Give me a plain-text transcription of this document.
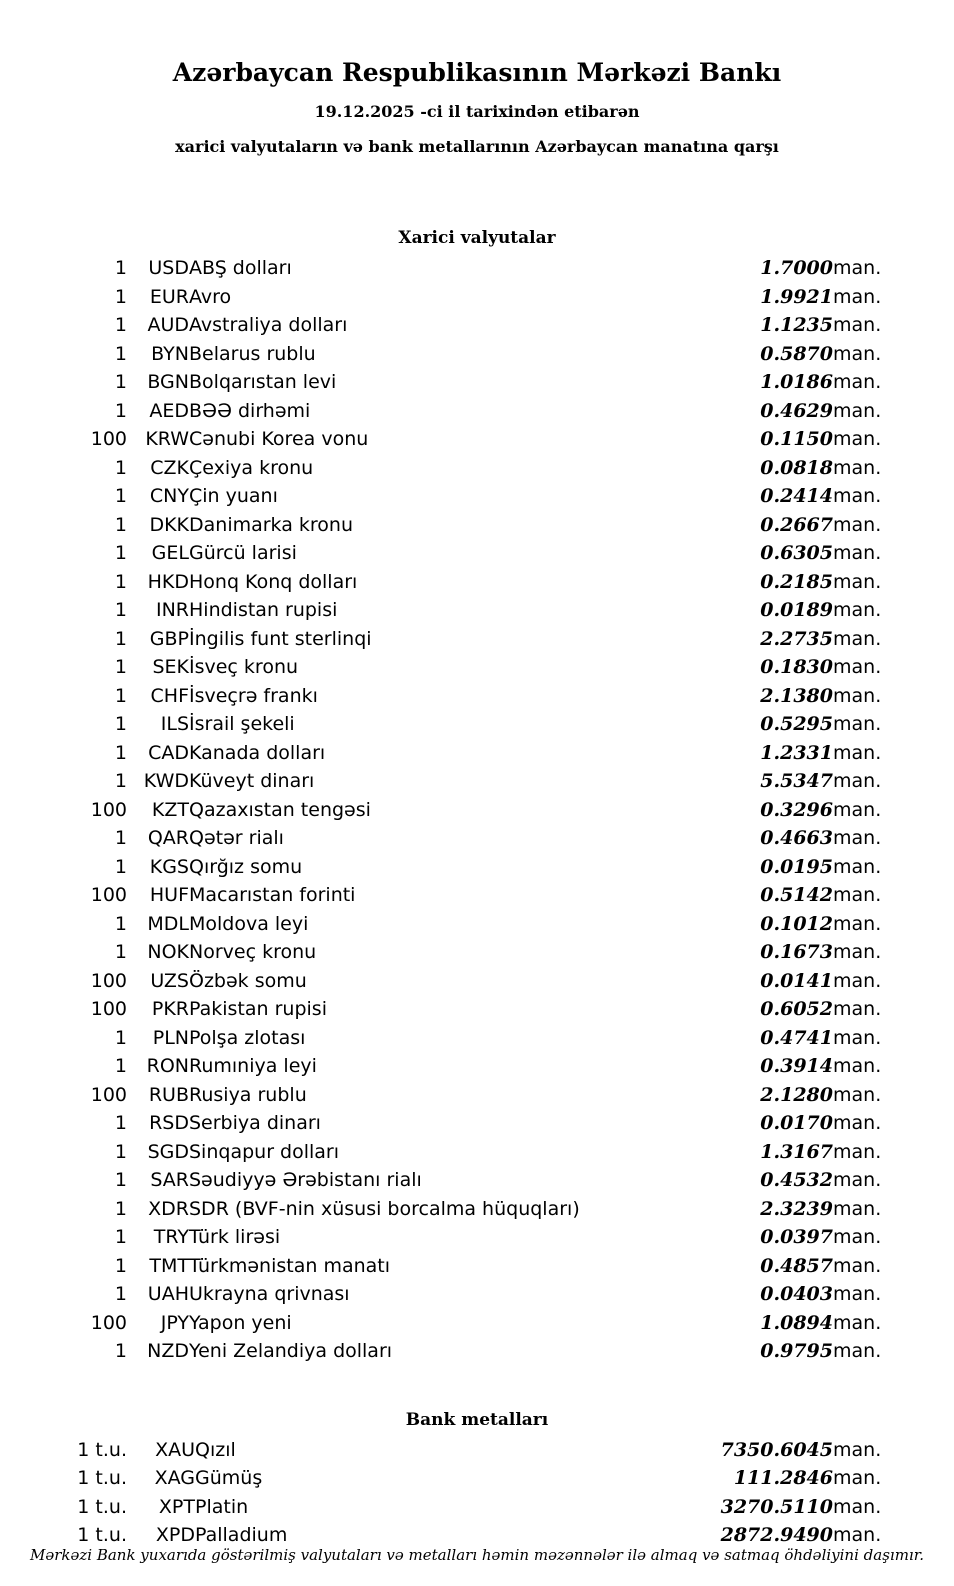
Azərbaycan Respublikasının Mərkəzi Bankı
19.12.2025 -ci il tarixindən etibarən
xarici valyutaların və bank metallarının Azərbaycan manatına qarşı
Xarici valyutalar
1	USD	ABŞ dolları	1.7000	man.
1	EUR	Avro	1.9921	man.
1	AUD	Avstraliya dolları	1.1235	man.
1	BYN	Belarus rublu	0.5870	man.
1	BGN	Bolqarıstan levi	1.0186	man.
1	AED	BƏƏ dirhəmi	0.4629	man.
100	KRW	Cənubi Korea vonu	0.1150	man.
1	CZK	Çexiya kronu	0.0818	man.
1	CNY	Çin yuanı	0.2414	man.
1	DKK	Danimarka kronu	0.2667	man.
1	GEL	Gürcü larisi	0.6305	man.
1	HKD	Honq Konq dolları	0.2185	man.
1	INR	Hindistan rupisi	0.0189	man.
1	GBP	İngilis funt sterlinqi	2.2735	man.
1	SEK	İsveç kronu	0.1830	man.
1	CHF	İsveçrə frankı	2.1380	man.
1	ILS	İsrail şekeli	0.5295	man.
1	CAD	Kanada dolları	1.2331	man.
1	KWD	Küveyt dinarı	5.5347	man.
100	KZT	Qazaxıstan tengəsi	0.3296	man.
1	QAR	Qətər rialı	0.4663	man.
1	KGS	Qırğız somu	0.0195	man.
100	HUF	Macarıstan forinti	0.5142	man.
1	MDL	Moldova leyi	0.1012	man.
1	NOK	Norveç kronu	0.1673	man.
100	UZS	Özbək somu	0.0141	man.
100	PKR	Pakistan rupisi	0.6052	man.
1	PLN	Polşa zlotası	0.4741	man.
1	RON	Rumıniya leyi	0.3914	man.
100	RUB	Rusiya rublu	2.1280	man.
1	RSD	Serbiya dinarı	0.0170	man.
1	SGD	Sinqapur dolları	1.3167	man.
1	SAR	Səudiyyə Ərəbistanı rialı	0.4532	man.
1	XDR	SDR (BVF-nin xüsusi borcalma hüquqları)	2.3239	man.
1	TRY	Türk lirəsi	0.0397	man.
1	TMT	Türkmənistan manatı	0.4857	man.
1	UAH	Ukrayna qrivnası	0.0403	man.
100	JPY	Yapon yeni	1.0894	man.
1	NZD	Yeni Zelandiya dolları	0.9795	man.
Bank metalları
1 t.u.	XAU	Qızıl	7350.6045	man.
1 t.u.	XAG	Gümüş	111.2846	man.
1 t.u.	XPT	Platin	3270.5110	man.
1 t.u.	XPD	Palladium	2872.9490	man.
Mərkəzi Bank yuxarıda göstərilmiş valyutaları və metalları həmin məzənnələr ilə almaq və satmaq öhdəliyini daşımır.
